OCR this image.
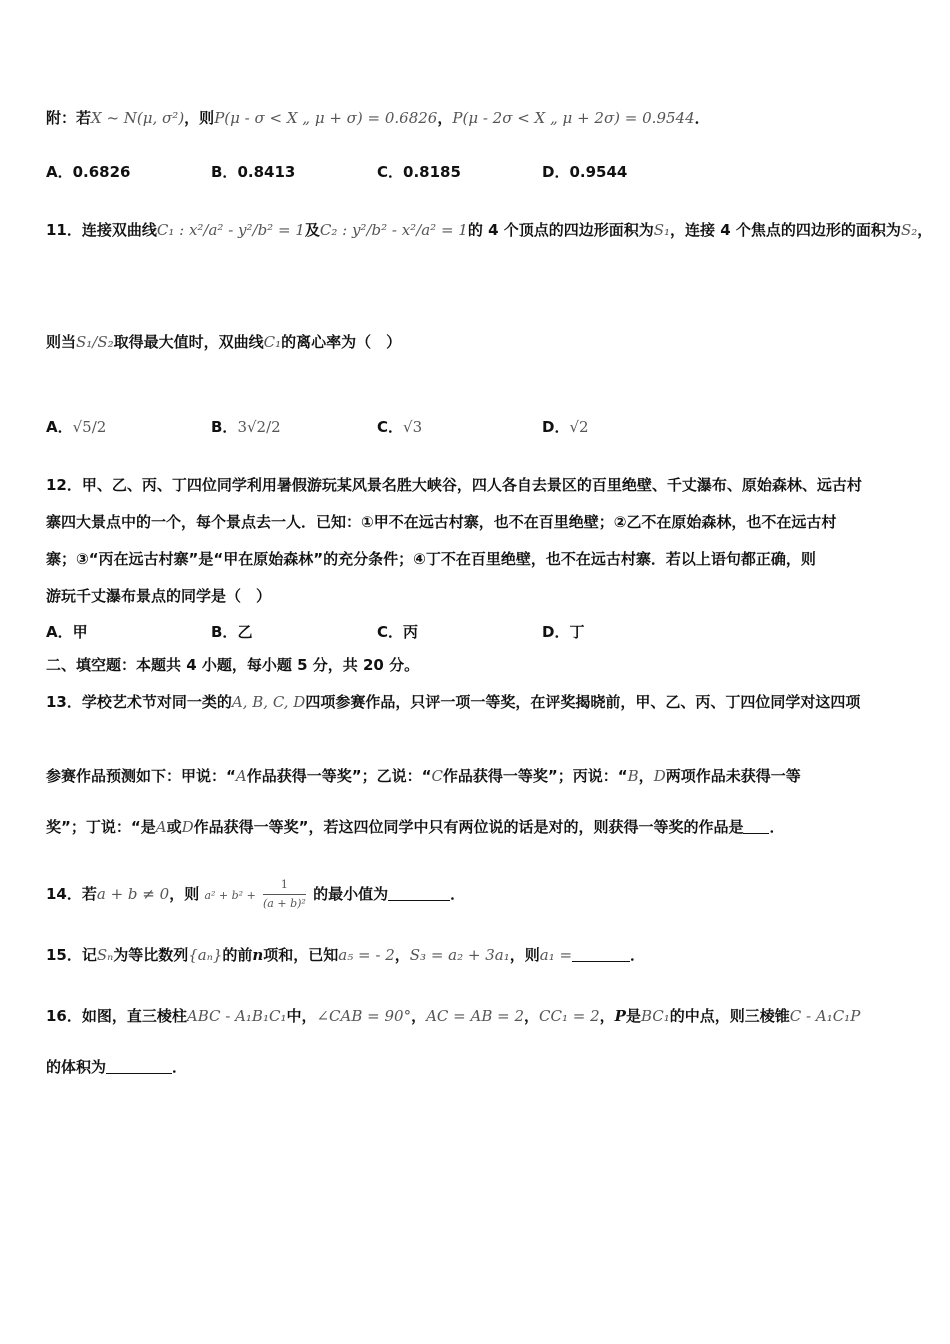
附：若X ~ N(μ, σ²)，则P(μ - σ < X „ μ + σ) = 0.6826，P(μ - 2σ < X „ μ + 2σ) = 0.9544．
A．0.6826	B．0.8413	C．0.8185	D．0.9544
11．连接双曲线C₁ : x²/a² - y²/b² = 1及C₂ : y²/b² - x²/a² = 1的 4 个顶点的四边形面积为S₁，连接 4 个焦点的四边形的面积为S₂，
则当S₁/S₂取得最大值时，双曲线C₁的离心率为（　）
A．√5/2	B．3√2/2	C．√3	D．√2
12．甲、乙、丙、丁四位同学利用暑假游玩某风景名胜大峡谷，四人各自去景区的百里绝壁、千丈瀑布、原始森林、远古村
寨四大景点中的一个，每个景点去一人．已知：①甲不在远古村寨，也不在百里绝壁；②乙不在原始森林，也不在远古村
寨；③“丙在远古村寨”是“甲在原始森林”的充分条件；④丁不在百里绝壁，也不在远古村寨．若以上语句都正确，则
游玩千丈瀑布景点的同学是（　）
A．甲	B．乙	C．丙	D．丁
二、填空题：本题共 4 小题，每小题 5 分，共 20 分。
13．学校艺术节对同一类的A, B, C, D四项参赛作品，只评一项一等奖，在评奖揭晓前，甲、乙、丙、丁四位同学对这四项
参赛作品预测如下：甲说：“A作品获得一等奖”；乙说：“C作品获得一等奖”；丙说：“B，D两项作品未获得一等
奖”；丁说：“是A或D作品获得一等奖”，若这四位同学中只有两位说的话是对的，则获得一等奖的作品是 ．
14．若a + b ≠ 0，则 $a^2 + b^2 + \frac{1}{\text{(a + b)²}}$ 的最小值为	．
15．记Sₙ为等比数列{aₙ}的前n项和，已知a₅ = - 2，S₃ = a₂ + 3a₁，则a₁ =	．
16．如图，直三棱柱ABC - A₁B₁C₁中，∠CAB = 90°，AC = AB = 2，CC₁ = 2，P是BC₁的中点，则三棱锥C - A₁C₁P
的体积为	．
